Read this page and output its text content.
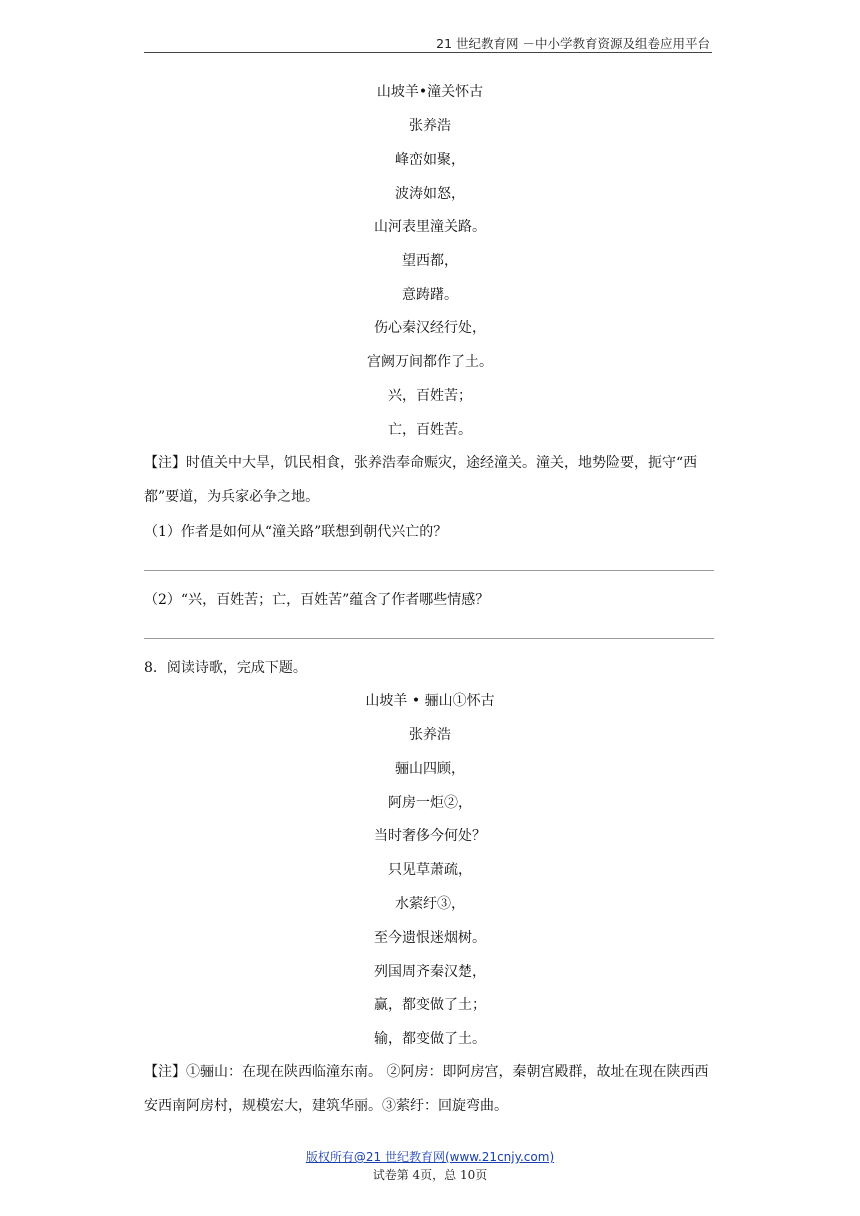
21 世纪教育网 －中小学教育资源及组卷应用平台
山坡羊•潼关怀古
张养浩
峰峦如聚，
波涛如怒，
山河表里潼关路。
望西都，
意踌躇。
伤心秦汉经行处，
宫阙万间都作了土。
兴，百姓苦；
亡，百姓苦。
【注】时值关中大旱，饥民相食，张养浩奉命赈灾，途经潼关。潼关，地势险要，扼守“西都”要道，为兵家必争之地。
（1）作者是如何从“潼关路”联想到朝代兴亡的？
（2）“兴，百姓苦；亡，百姓苦”蕴含了作者哪些情感？
8．阅读诗歌，完成下题。
山坡羊 • 骊山①怀古
张养浩
骊山四顾，
阿房一炬②，
当时奢侈今何处？
只见草萧疏，
水萦纡③，
至今遗恨迷烟树。
列国周齐秦汉楚，
赢，都变做了土；
输，都变做了土。
【注】①骊山：在现在陕西临潼东南。 ②阿房：即阿房宫，秦朝宫殿群，故址在现在陕西西安西南阿房村，规模宏大，建筑华丽。③萦纡：回旋弯曲。
版权所有@21 世纪教育网(www.21cnjy.com)
试卷第 4页，总 10页
